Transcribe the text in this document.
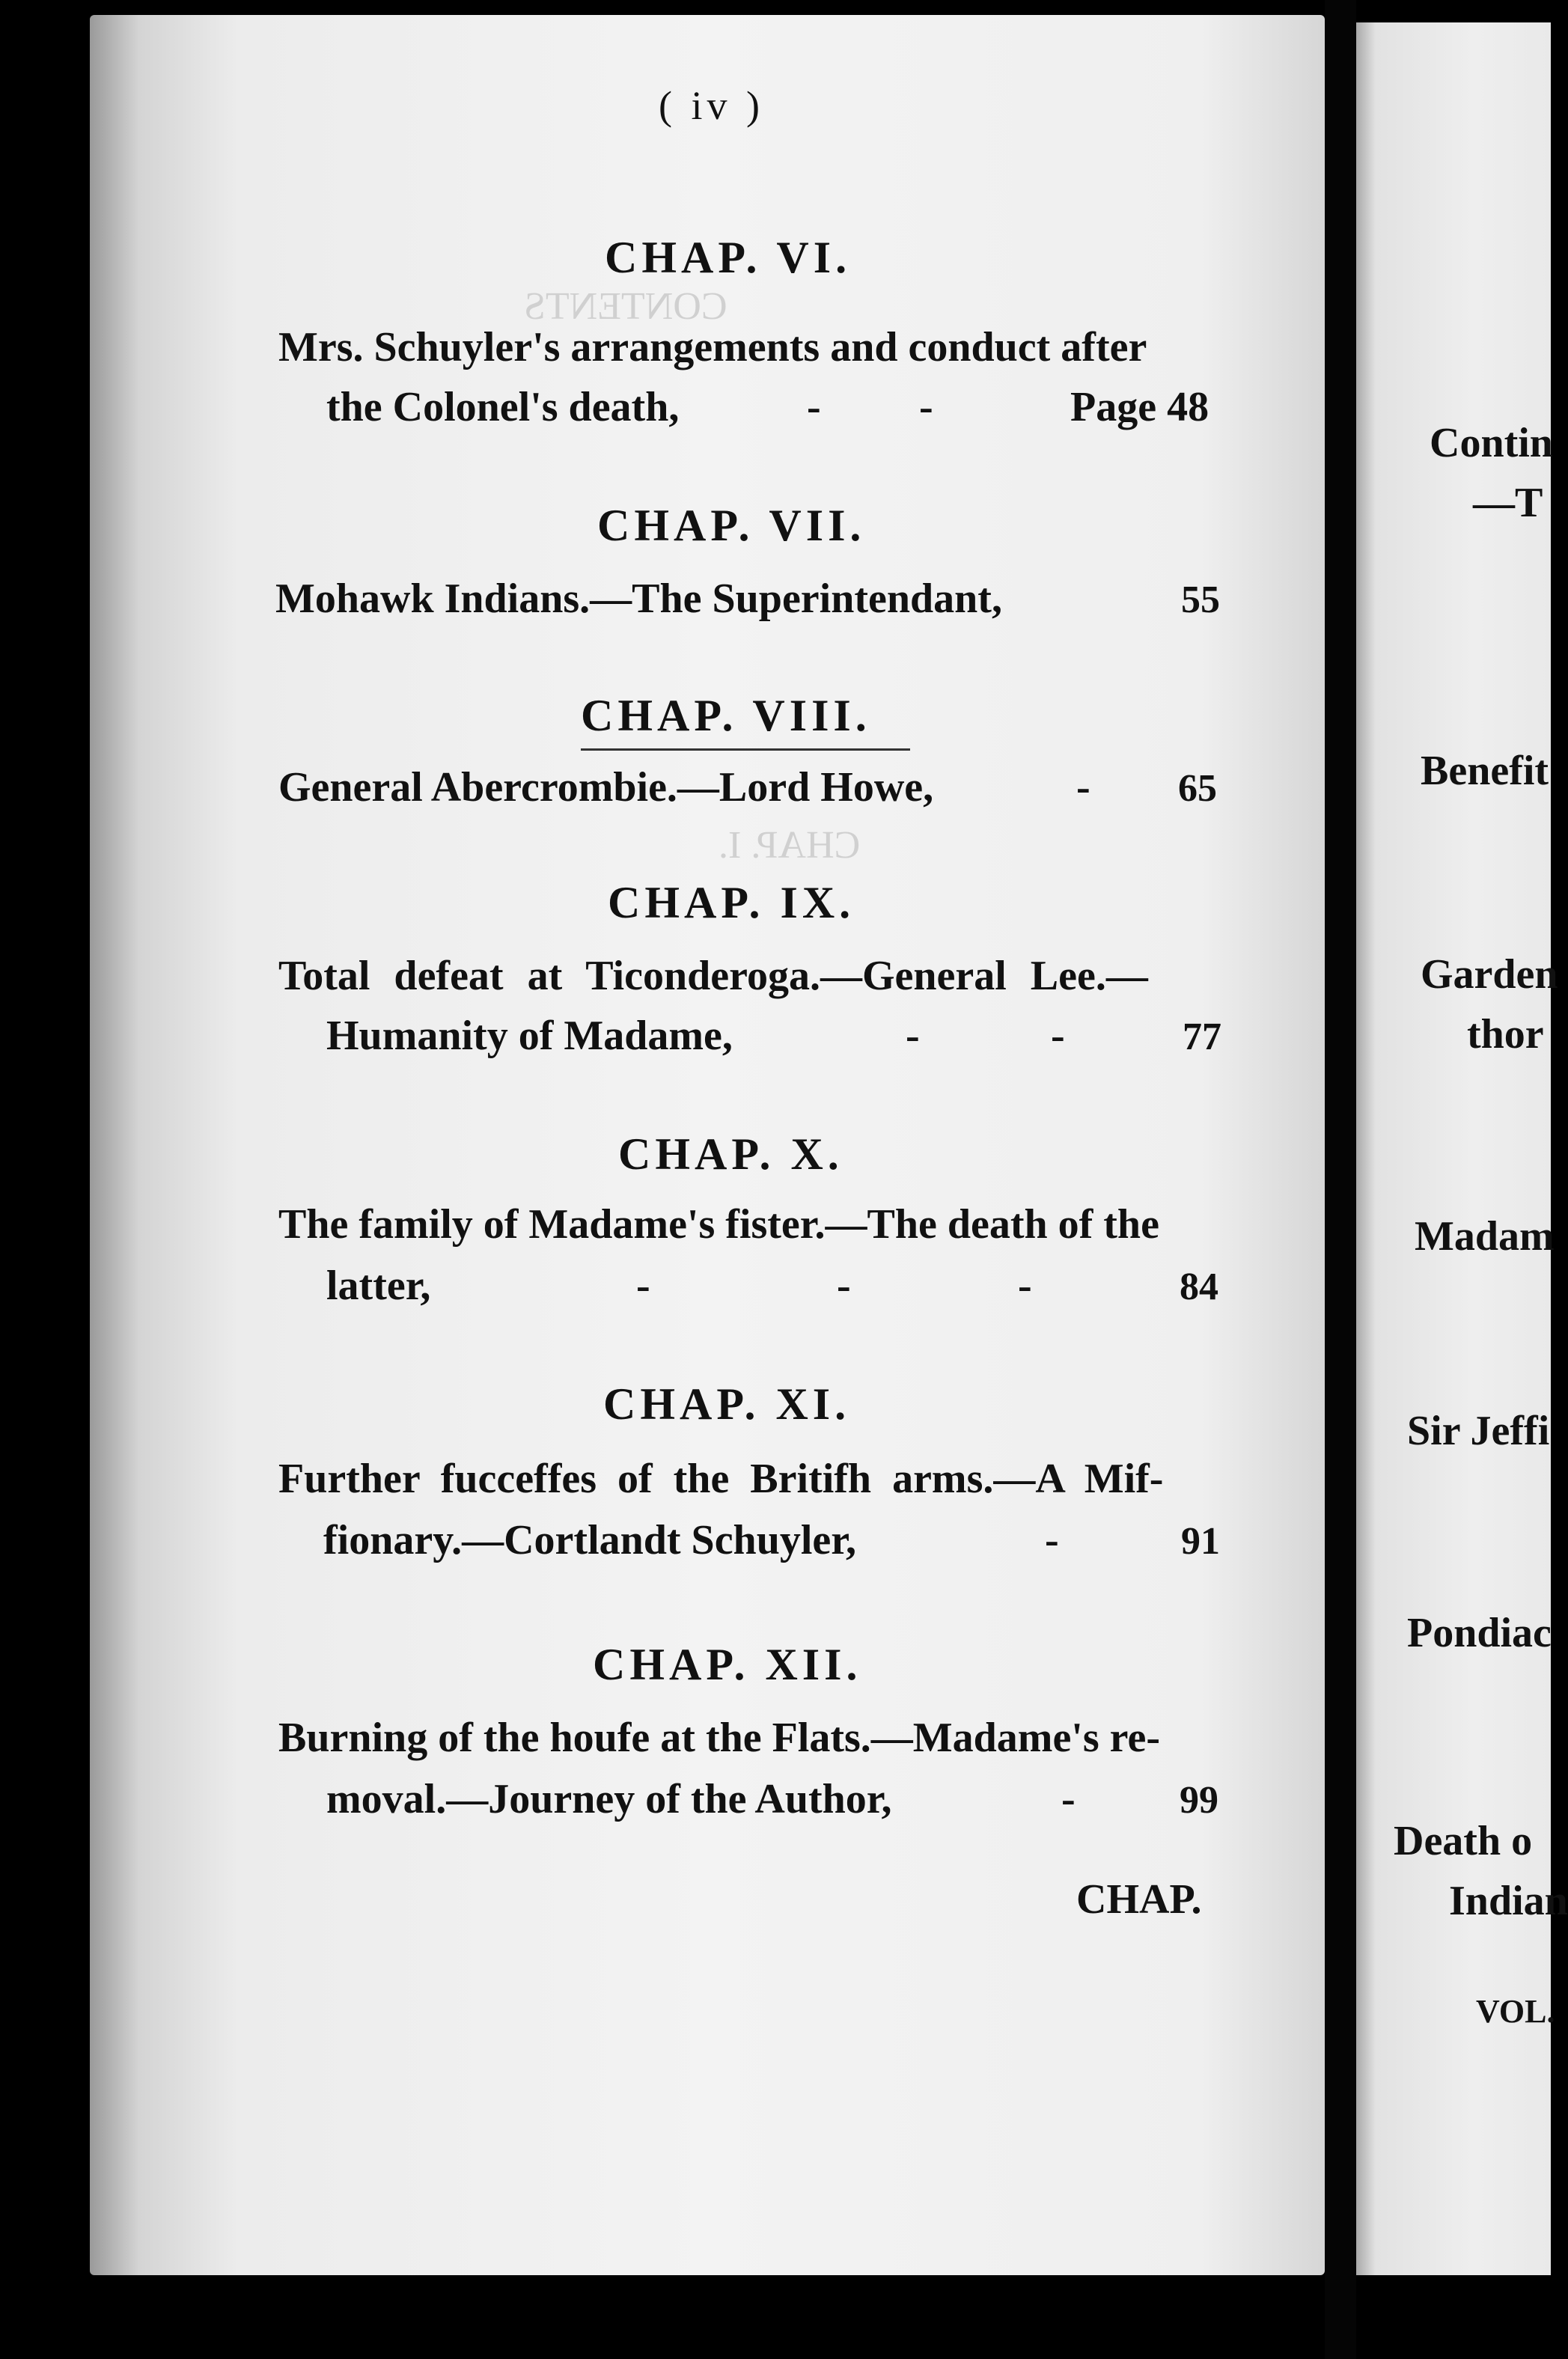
CONTENTS
CHAP. I.
( iv )
CHAP. VI.
Mrs. Schuyler's arrangements and conduct after
the Colonel's death,	- -	Page 48
CHAP. VII.
Mohawk Indians.—The Superintendant,	55
CHAP. VIII.
General Abercrombie.—Lord Howe,	- 65
CHAP. IX.
Total defeat at Ticonderoga.—General Lee.—
Humanity of Madame,	-	-	77
CHAP. X.
The family of Madame's fister.—The death of the
latter,	-	-	-	84
CHAP. XI.
Further fucceffes of the Britifh arms.—A Mif-
fionary.—Cortlandt Schuyler,	-	91
CHAP. XII.
Burning of the houfe at the Flats.—Madame's re-
moval.—Journey of the Author,	-	99
CHAP.
Contin
—T
Benefit
Garden
thor
Madam
Sir Jeffi
Pondiac
Death o
Indian
VOL.
